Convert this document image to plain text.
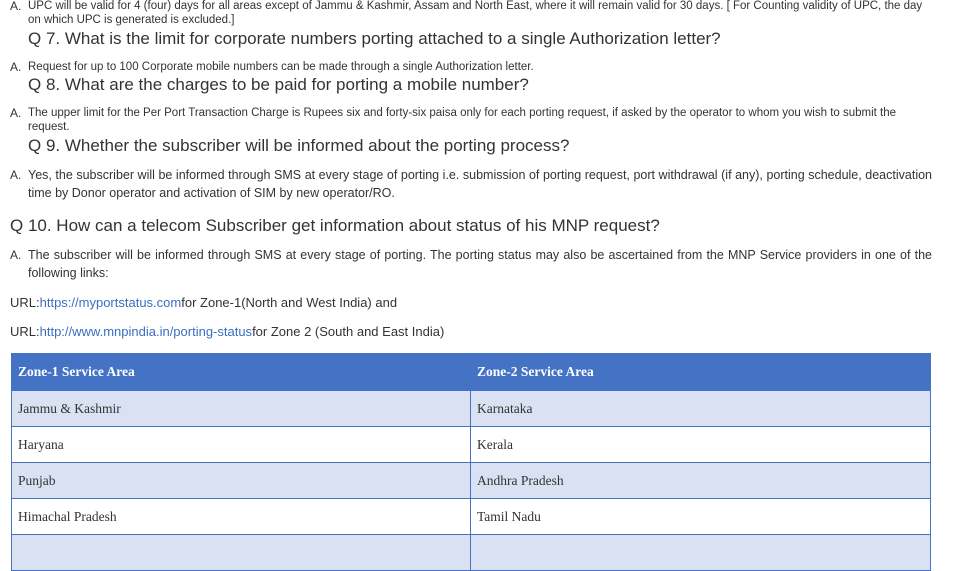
A. UPC will be valid for 4 (four) days for all areas except of Jammu & Kashmir, Assam and North East, where it will remain valid for 30 days. [ For Counting validity of UPC, the day on which UPC is generated is excluded.]
Q 7. What is the limit for corporate numbers porting attached to a single Authorization letter?
A. Request for up to 100 Corporate mobile numbers can be made through a single Authorization letter.
Q 8. What are the charges to be paid for porting a mobile number?
A. The upper limit for the Per Port Transaction Charge is Rupees six and forty-six paisa only for each porting request, if asked by the operator to whom you wish to submit the request.
Q 9. Whether the subscriber will be informed about the porting process?
A. Yes, the subscriber will be informed through SMS at every stage of porting i.e. submission of porting request, port withdrawal (if any), porting schedule, deactivation time by Donor operator and activation of SIM by new operator/RO.
Q 10. How can a telecom Subscriber get information about status of his MNP request?
A. The subscriber will be informed through SMS at every stage of porting. The porting status may also be ascertained from the MNP Service providers in one of the following links:
URL:https://myportstatus.comfor Zone-1(North and West India) and
URL:http://www.mnpindia.in/porting-statusfor Zone 2 (South and East India)
Zone-1 Service Area	Zone-2 Service Area
Jammu & Kashmir	Karnataka
Haryana	Kerala
Punjab	Andhra Pradesh
Himachal Pradesh	Tamil Nadu
